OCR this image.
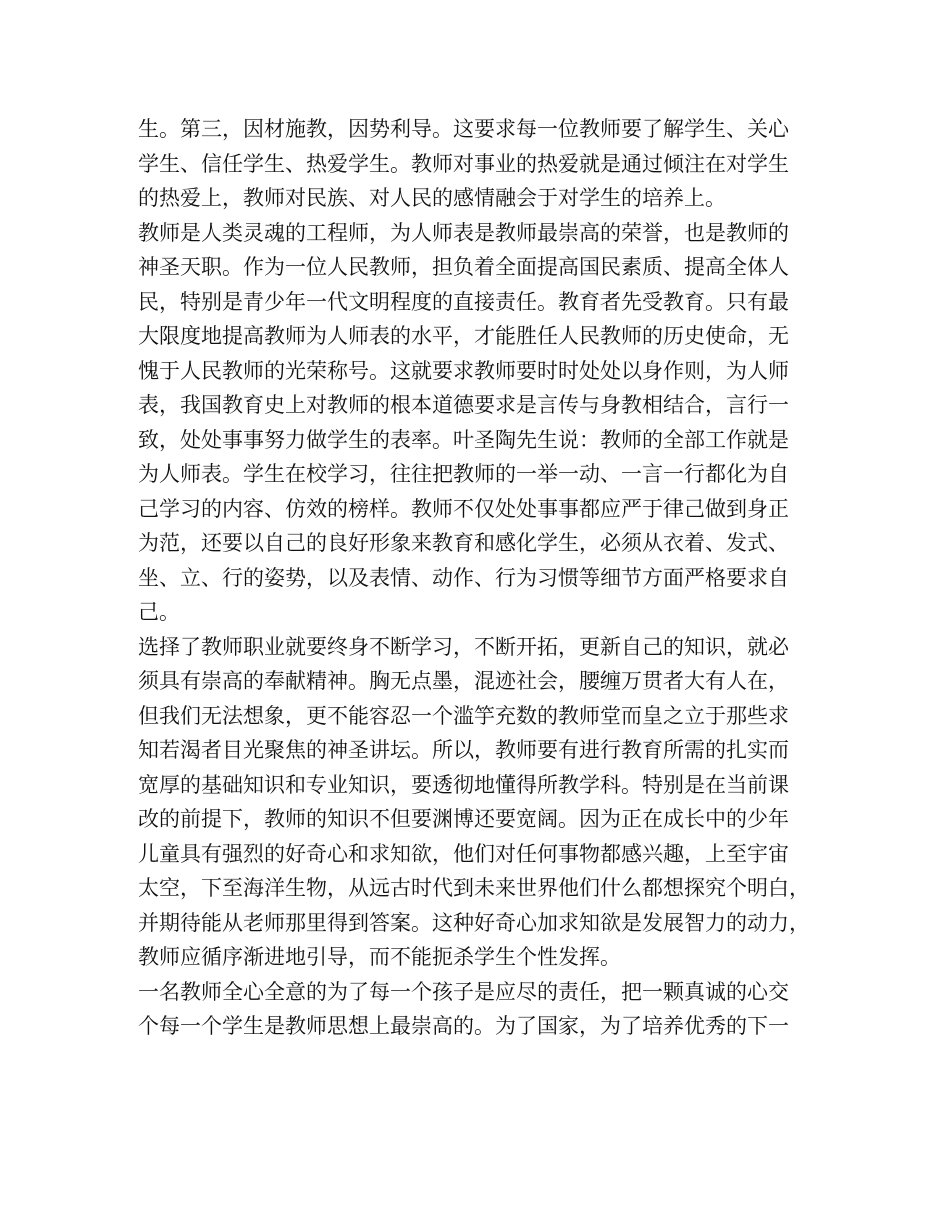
生。第三，因材施教，因势利导。这要求每一位教师要了解学生、关心
学生、信任学生、热爱学生。教师对事业的热爱就是通过倾注在对学生
的热爱上，教师对民族、对人民的感情融会于对学生的培养上。
教师是人类灵魂的工程师，为人师表是教师最崇高的荣誉，也是教师的
神圣天职。作为一位人民教师，担负着全面提高国民素质、提高全体人
民，特别是青少年一代文明程度的直接责任。教育者先受教育。只有最
大限度地提高教师为人师表的水平，才能胜任人民教师的历史使命，无
愧于人民教师的光荣称号。这就要求教师要时时处处以身作则，为人师
表，我国教育史上对教师的根本道德要求是言传与身教相结合，言行一
致，处处事事努力做学生的表率。叶圣陶先生说：教师的全部工作就是
为人师表。学生在校学习，往往把教师的一举一动、一言一行都化为自
己学习的内容、仿效的榜样。教师不仅处处事事都应严于律己做到身正
为范，还要以自己的良好形象来教育和感化学生，必须从衣着、发式、
坐、立、行的姿势，以及表情、动作、行为习惯等细节方面严格要求自
己。
选择了教师职业就要终身不断学习，不断开拓，更新自己的知识，就必
须具有崇高的奉献精神。胸无点墨，混迹社会，腰缠万贯者大有人在，
但我们无法想象，更不能容忍一个滥竽充数的教师堂而皇之立于那些求
知若渴者目光聚焦的神圣讲坛。所以，教师要有进行教育所需的扎实而
宽厚的基础知识和专业知识，要透彻地懂得所教学科。特别是在当前课
改的前提下，教师的知识不但要渊博还要宽阔。因为正在成长中的少年
儿童具有强烈的好奇心和求知欲，他们对任何事物都感兴趣，上至宇宙
太空，下至海洋生物，从远古时代到未来世界他们什么都想探究个明白，
并期待能从老师那里得到答案。这种好奇心加求知欲是发展智力的动力，
教师应循序渐进地引导，而不能扼杀学生个性发挥。
一名教师全心全意的为了每一个孩子是应尽的责任，把一颗真诚的心交
个每一个学生是教师思想上最崇高的。为了国家，为了培养优秀的下一
